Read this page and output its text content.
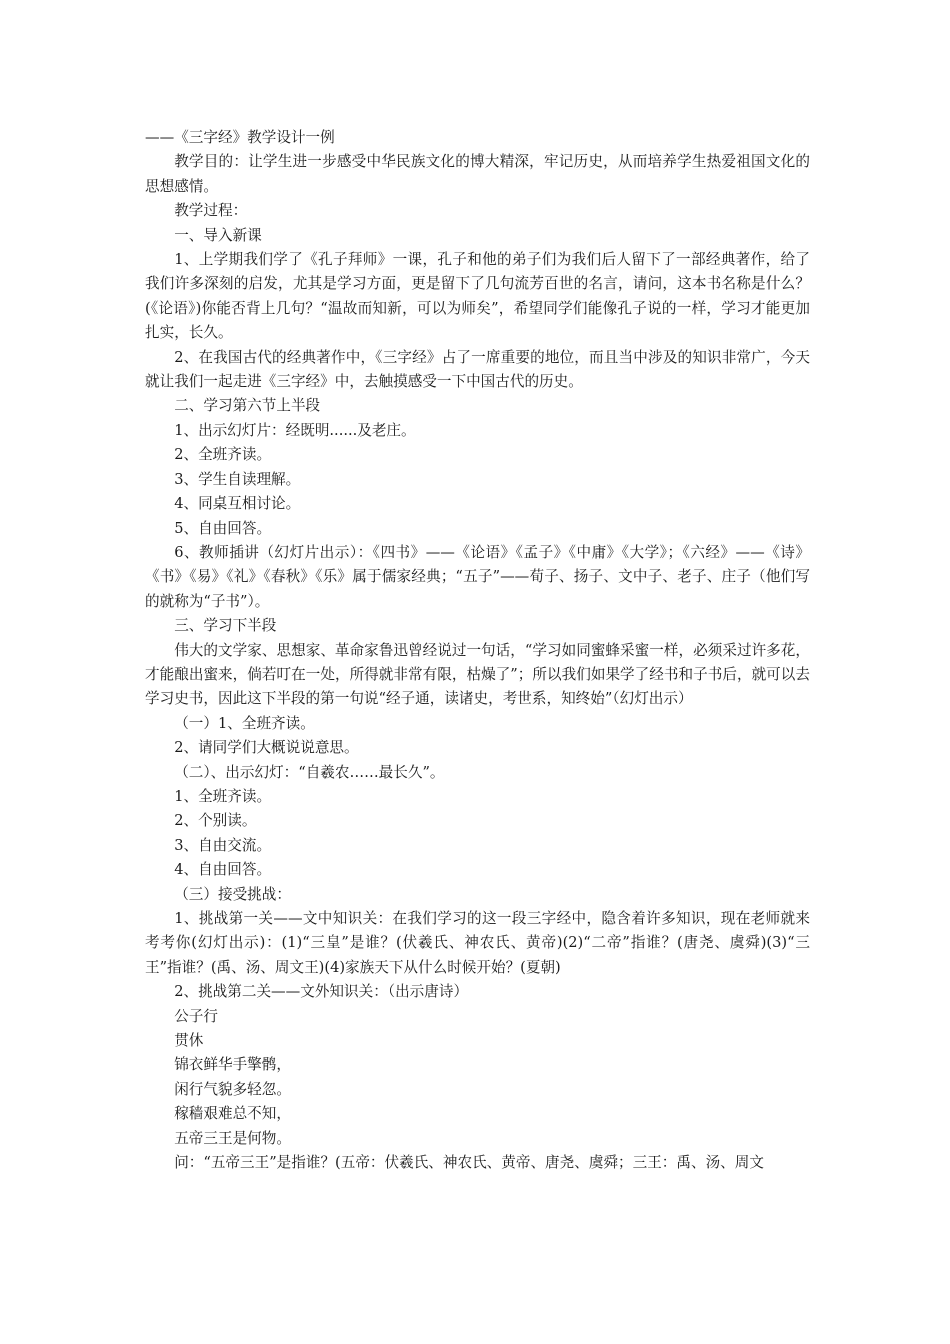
——《三字经》教学设计一例

教学目的：让学生进一步感受中华民族文化的博大精深，牢记历史，从而培养学生热爱祖国文化的思想感情。

教学过程：

一、导入新课

1、上学期我们学了《孔子拜师》一课，孔子和他的弟子们为我们后人留下了一部经典著作，给了我们许多深刻的启发，尤其是学习方面，更是留下了几句流芳百世的名言，请问，这本书名称是什么？(《论语》)你能否背上几句？“温故而知新，可以为师矣”，希望同学们能像孔子说的一样，学习才能更加扎实，长久。

2、在我国古代的经典著作中，《三字经》占了一席重要的地位，而且当中涉及的知识非常广，今天就让我们一起走进《三字经》中，去触摸感受一下中国古代的历史。

二、学习第六节上半段

1、出示幻灯片：经既明......及老庄。

2、全班齐读。

3、学生自读理解。

4、同桌互相讨论。

5、自由回答。

6、教师插讲（幻灯片出示）：《四书》——《论语》《孟子》《中庸》《大学》；《六经》——《诗》《书》《易》《礼》《春秋》《乐》属于儒家经典；“五子”——荀子、扬子、文中子、老子、庄子（他们写的就称为“子书”）。

三、学习下半段

伟大的文学家、思想家、革命家鲁迅曾经说过一句话，“学习如同蜜蜂采蜜一样，必须采过许多花，才能酿出蜜来，倘若叮在一处，所得就非常有限，枯燥了”；所以我们如果学了经书和子书后，就可以去学习史书，因此这下半段的第一句说“经子通，读诸史，考世系，知终始”（幻灯出示）

（一）1、全班齐读。

2、请同学们大概说说意思。

（二）、出示幻灯：“自羲农……最长久”。

1、全班齐读。

2、个别读。

3、自由交流。

4、自由回答。

（三）接受挑战：

1、挑战第一关——文中知识关：在我们学习的这一段三字经中，隐含着许多知识，现在老师就来考考你(幻灯出示)：(1)“三皇”是谁？(伏羲氏、神农氏、黄帝)(2)“二帝”指谁？(唐尧、虞舜)(3)“三王”指谁？(禹、汤、周文王)(4)家族天下从什么时候开始？(夏朝)

2、挑战第二关——文外知识关：（出示唐诗）

公子行

贯休

锦衣鲜华手擎鹘，

闲行气貌多轻忽。

稼穑艰难总不知，

五帝三王是何物。

问：“五帝三王”是指谁？(五帝：伏羲氏、神农氏、黄帝、唐尧、虞舜；三王：禹、汤、周文
